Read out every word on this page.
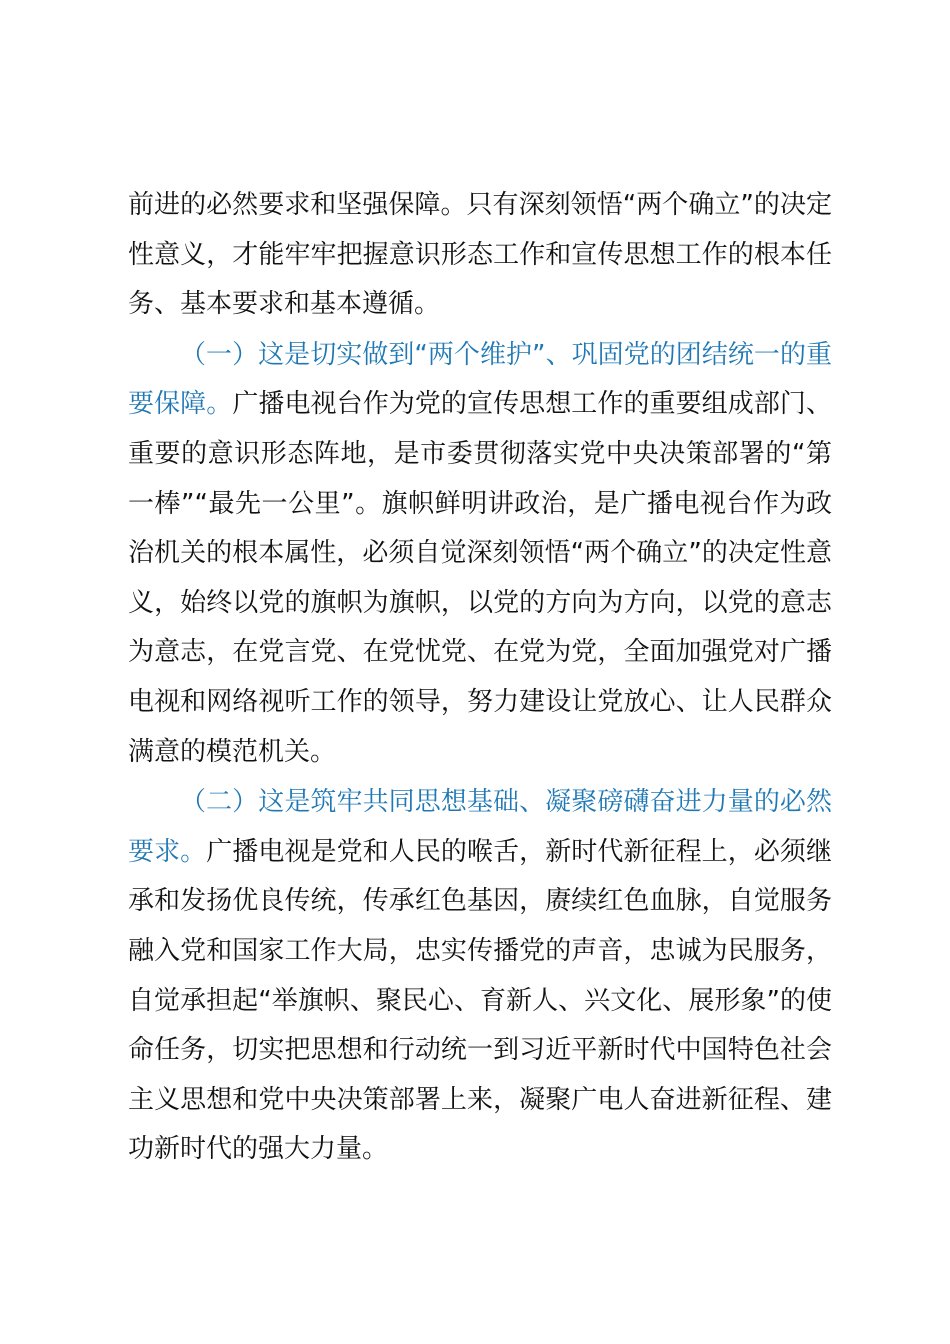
前进的必然要求和坚强保障。只有深刻领悟“两个确立”的决定性意义，才能牢牢把握意识形态工作和宣传思想工作的根本任务、基本要求和基本遵循。

（一）这是切实做到“两个维护”、巩固党的团结统一的重要保障。广播电视台作为党的宣传思想工作的重要组成部门、重要的意识形态阵地，是市委贯彻落实党中央决策部署的“第一棒”“最先一公里”。旗帜鲜明讲政治，是广播电视台作为政治机关的根本属性，必须自觉深刻领悟“两个确立”的决定性意义，始终以党的旗帜为旗帜，以党的方向为方向，以党的意志为意志，在党言党、在党忧党、在党为党，全面加强党对广播电视和网络视听工作的领导，努力建设让党放心、让人民群众满意的模范机关。

（二）这是筑牢共同思想基础、凝聚磅礴奋进力量的必然要求。广播电视是党和人民的喉舌，新时代新征程上，必须继承和发扬优良传统，传承红色基因，赓续红色血脉，自觉服务融入党和国家工作大局，忠实传播党的声音，忠诚为民服务，自觉承担起“举旗帜、聚民心、育新人、兴文化、展形象”的使命任务，切实把思想和行动统一到习近平新时代中国特色社会主义思想和党中央决策部署上来，凝聚广电人奋进新征程、建功新时代的强大力量。
